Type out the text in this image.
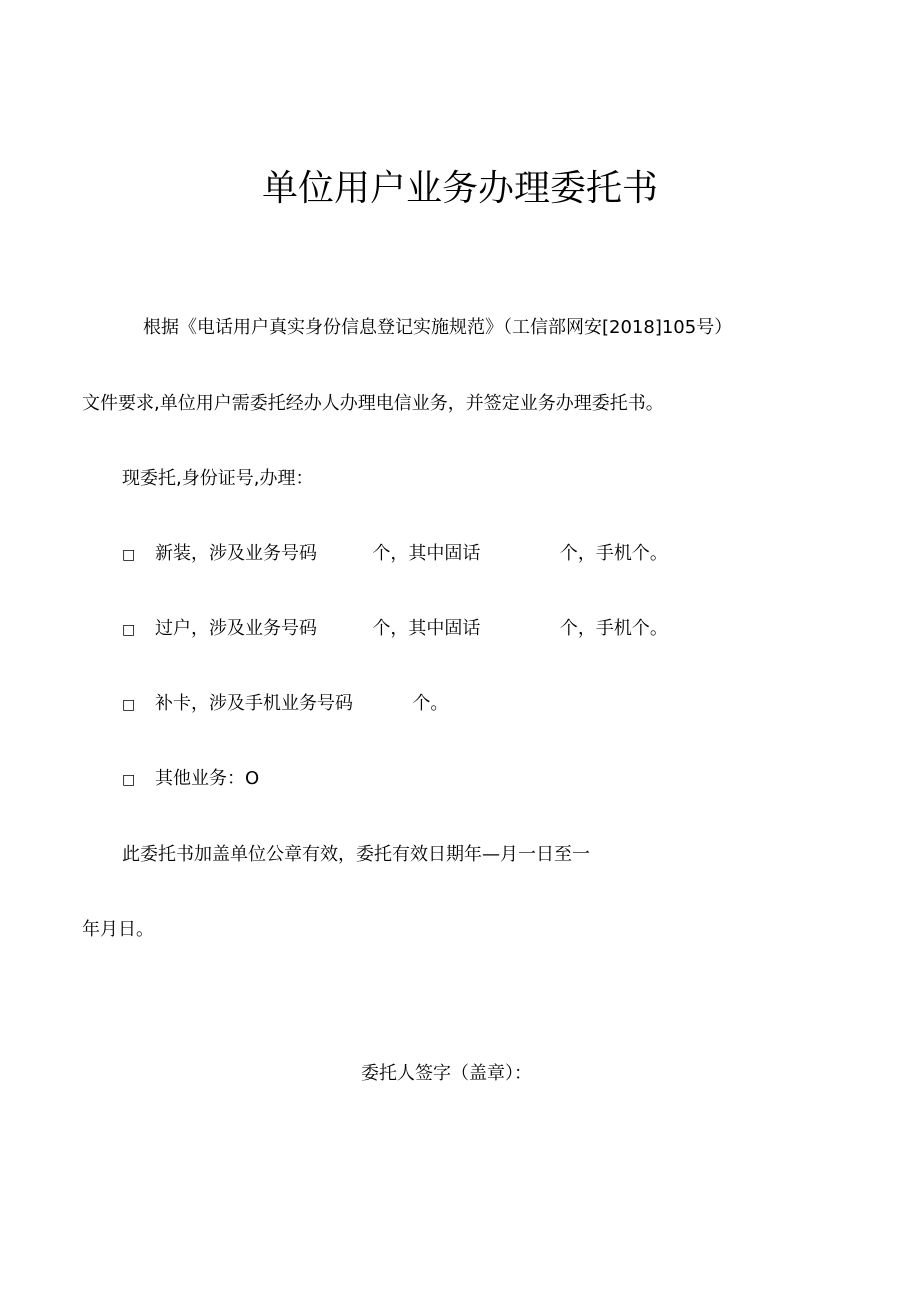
单位用户业务办理委托书
根据《电话用户真实身份信息登记实施规范》（工信部网安[2018]105号）
文件要求,单位用户需委托经办人办理电信业务，并签定业务办理委托书。
现委托,身份证号,办理：
□ 新装，涉及业务号码	个，其中固话	个，手机个。
□ 过户，涉及业务号码	个，其中固话	个，手机个。
□ 补卡，涉及手机业务号码	个。
□ 其他业务：O
此委托书加盖单位公章有效，委托有效日期年—月一日至一
年月日。
委托人签字（盖章）：
